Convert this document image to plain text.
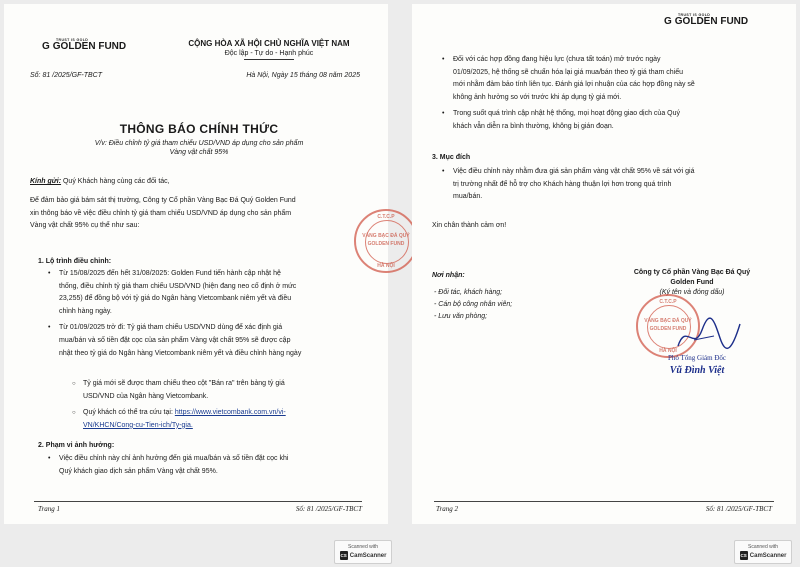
TRUST IS GOLD
G GOLDEN FUND	CỘNG HÒA XÃ HỘI CHỦ NGHĨA VIỆT NAM
Độc lập - Tự do - Hạnh phúc
Số: 81 /2025/GF-TBCT	Hà Nội, Ngày 15 tháng 08 năm 2025
THÔNG BÁO CHÍNH THỨC
V/v: Điều chỉnh tỷ giá tham chiếu USD/VND áp dụng cho sản phẩm
Vàng vật chất 95%
Kính gửi: Quý Khách hàng cùng các đối tác,

Để đảm bảo giá bám sát thị trường, Công ty Cổ phần Vàng Bạc Đá Quý Golden Fund

xin thông báo về việc điều chỉnh tỷ giá tham chiếu USD/VND áp dụng cho sản phẩm

Vàng vật chất 95% cụ thể như sau:

1. Lộ trình điều chỉnh:

• Từ 15/08/2025 đến hết 31/08/2025: Golden Fund tiến hành cập nhật hệ

thống, điều chỉnh tỷ giá tham chiếu USD/VND (hiện đang neo cố định ở mức

23,255) để đồng bộ với tỷ giá do Ngân hàng Vietcombank niêm yết và điều

chỉnh hàng ngày.

• Từ 01/09/2025 trở đi: Tỷ giá tham chiếu USD/VND dùng để xác định giá

mua/bán và số tiền đặt cọc của sản phẩm Vàng vật chất 95% sẽ được cập

nhật theo tỷ giá do Ngân hàng Vietcombank niêm yết và điều chỉnh hàng ngày

○ Tỷ giá mới sẽ được tham chiếu theo cột "Bán ra" trên bảng tỷ giá

USD/VND của Ngân hàng Vietcombank.

○ Quý khách có thể tra cứu tại: https://www.vietcombank.com.vn/vi-

VN/KHCN/Cong-cu-Tien-ich/Ty-gia.

2. Phạm vi ảnh hưởng:

• Việc điều chỉnh này chỉ ảnh hưởng đến giá mua/bán và số tiền đặt cọc khi

Quý khách giao dịch sản phẩm Vàng vật chất 95%.

C.T.C.P
VÀNG BẠC ĐÁ QUÝ
GOLDEN FUND
HÀ NỘI
Trang 1	Số: 81 /2025/GF-TBCT
TRUST IS GOLD
G GOLDEN FUND

• Đối với các hợp đồng đang hiệu lực (chưa tất toán) mở trước ngày

01/09/2025, hệ thống sẽ chuẩn hóa lại giá mua/bán theo tỷ giá tham chiếu

mới nhằm đảm bảo tính liên tục. Đánh giá lợi nhuận của các hợp đồng này sẽ

không ảnh hưởng so với trước khi áp dụng tỷ giá mới.

• Trong suốt quá trình cập nhật hệ thống, mọi hoạt động giao dịch của Quý

khách vẫn diễn ra bình thường, không bị gián đoạn.

3. Mục đích

• Việc điều chỉnh này nhằm đưa giá sản phẩm vàng vật chất 95% về sát với giá

trị trường nhất để hỗ trợ cho Khách hàng thuận lợi hơn trong quá trình

mua/bán.

Xin chân thành cảm ơn!
Nơi nhận:

- Đối tác, khách hàng;

- Cán bộ công nhân viên;

- Lưu văn phòng;

Công ty Cổ phần Vàng Bạc Đá Quý

Golden Fund

(Ký tên và đóng dấu)

C.T.C.P
VÀNG BẠC ĐÁ QUÝ
GOLDEN FUND
HÀ NỘI
Phó Tổng Giám Đốc
Vũ Đình Việt
Trang 2	Số: 81 /2025/GF-TBCT
Scanned with
CS CamScanner
Scanned with
CS CamScanner
